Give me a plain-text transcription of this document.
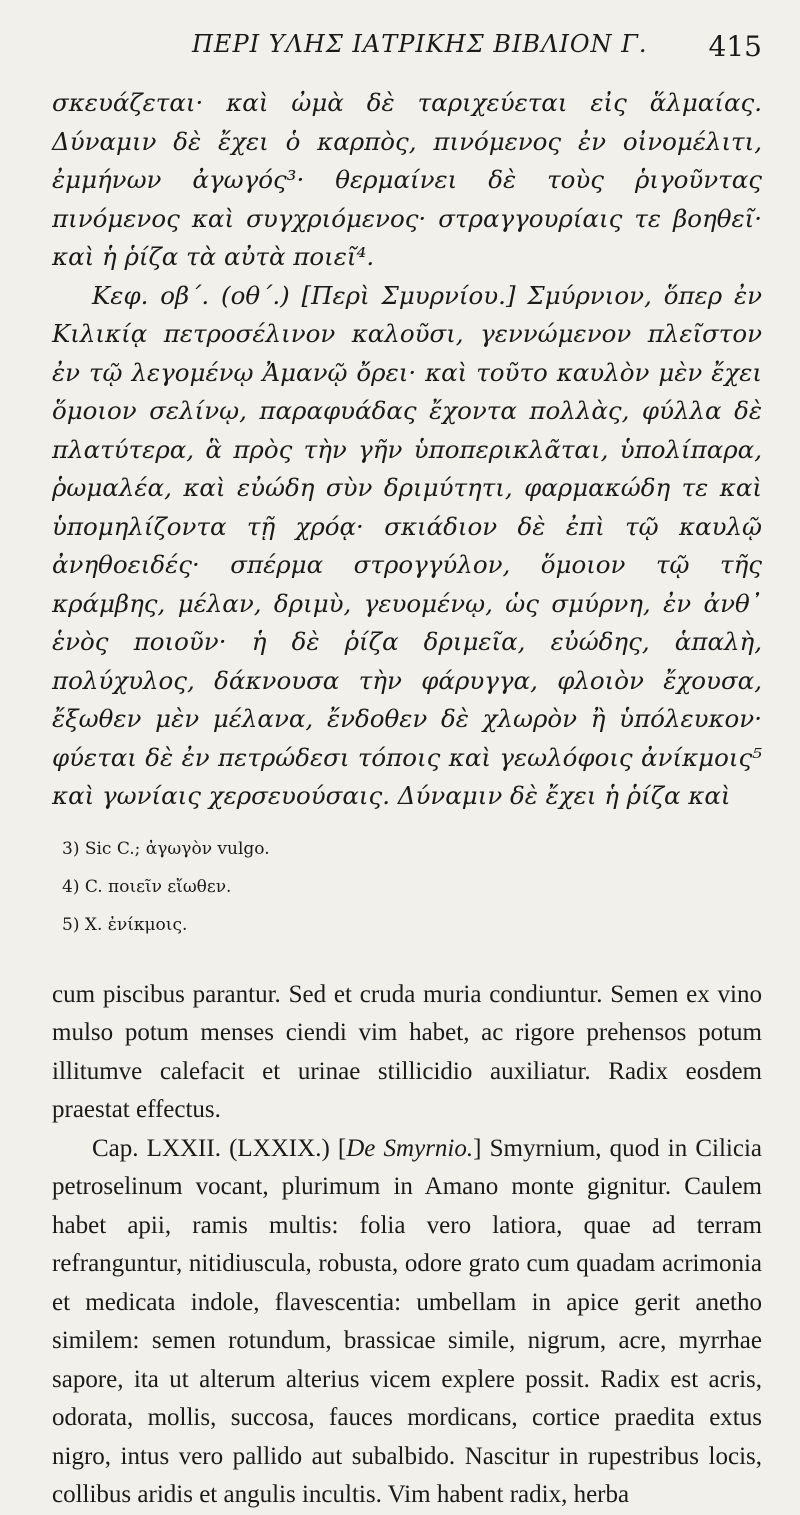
ΠΕΡΙ ΥΛΗΣ ΙΑΤΡΙΚΗΣ ΒΙΒΛΙΟΝ Γ. 415

σκευάζεται· καὶ ὠμὰ δὲ ταριχεύεται εἰς ἅλμαίας. Δύναμιν δὲ ἔχει ὁ καρπὸς, πινόμενος ἐν οἰνομέλιτι, ἐμμήνων ἀγωγός³· θερμαίνει δὲ τοὺς ῥιγοῦντας πινόμενος καὶ συγχριόμενος· στραγγουρίαις τε βοηθεῖ· καὶ ἡ ῥίζα τὰ αὐτὰ ποιεῖ⁴.

Κεφ. οβ΄. (οθ΄.) [Περὶ Σμυρνίου.] Σμύρνιον, ὅπερ ἐν Κιλικίᾳ πετροσέλινον καλοῦσι, γεννώμενον πλεῖστον ἐν τῷ λεγομένῳ Ἀμανῷ ὄρει· καὶ τοῦτο καυλὸν μὲν ἔχει ὅμοιον σελίνῳ, παραφυάδας ἔχοντα πολλὰς, φύλλα δὲ πλατύτερα, ἃ πρὸς τὴν γῆν ὑποπερικλᾶται, ὑπολίπαρα, ῥωμαλέα, καὶ εὐώδη σὺν δριμύτητι, φαρμακώδη τε καὶ ὑπομηλίζοντα τῇ χρόᾳ· σκιάδιον δὲ ἐπὶ τῷ καυλῷ ἀνηθοειδές· σπέρμα στρογγύλον, ὅμοιον τῷ τῆς κράμβης, μέλαν, δριμὺ, γευομένῳ, ὡς σμύρνη, ἐν ἀνθ᾽ ἑνὸς ποιοῦν· ἡ δὲ ῥίζα δριμεῖα, εὐώδης, ἁπαλὴ, πολύχυλος, δάκνουσα τὴν φάρυγγα, φλοιὸν ἔχουσα, ἔξωθεν μὲν μέλανα, ἔνδοθεν δὲ χλωρὸν ἢ ὑπόλευκον· φύεται δὲ ἐν πετρώδεσι τόποις καὶ γεωλόφοις ἀνίκμοις⁵ καὶ γωνίαις χερσευούσαις. Δύναμιν δὲ ἔχει ἡ ῥίζα καὶ

3) Sic C.; ἀγωγὸν vulgo.
4) C. ποιεῖν εἴωθεν.
5) X. ἐνίκμοις.

cum piscibus parantur. Sed et cruda muria condiuntur. Semen ex vino mulso potum menses ciendi vim habet, ac rigore prehensos potum illitumve calefacit et urinae stillicidio auxiliatur. Radix eosdem praestat effectus.

Cap. LXXII. (LXXIX.) [De Smyrnio.] Smyrnium, quod in Cilicia petroselinum vocant, plurimum in Amano monte gignitur. Caulem habet apii, ramis multis: folia vero latiora, quae ad terram refranguntur, nitidiuscula, robusta, odore grato cum quadam acrimonia et medicata indole, flavescentia: umbellam in apice gerit anetho similem: semen rotundum, brassicae simile, nigrum, acre, myrrhae sapore, ita ut alterum alterius vicem explere possit. Radix est acris, odorata, mollis, succosa, fauces mordicans, cortice praedita extus nigro, intus vero pallido aut subalbido. Nascitur in rupestribus locis, collibus aridis et angulis incultis. Vim habent radix, herba
